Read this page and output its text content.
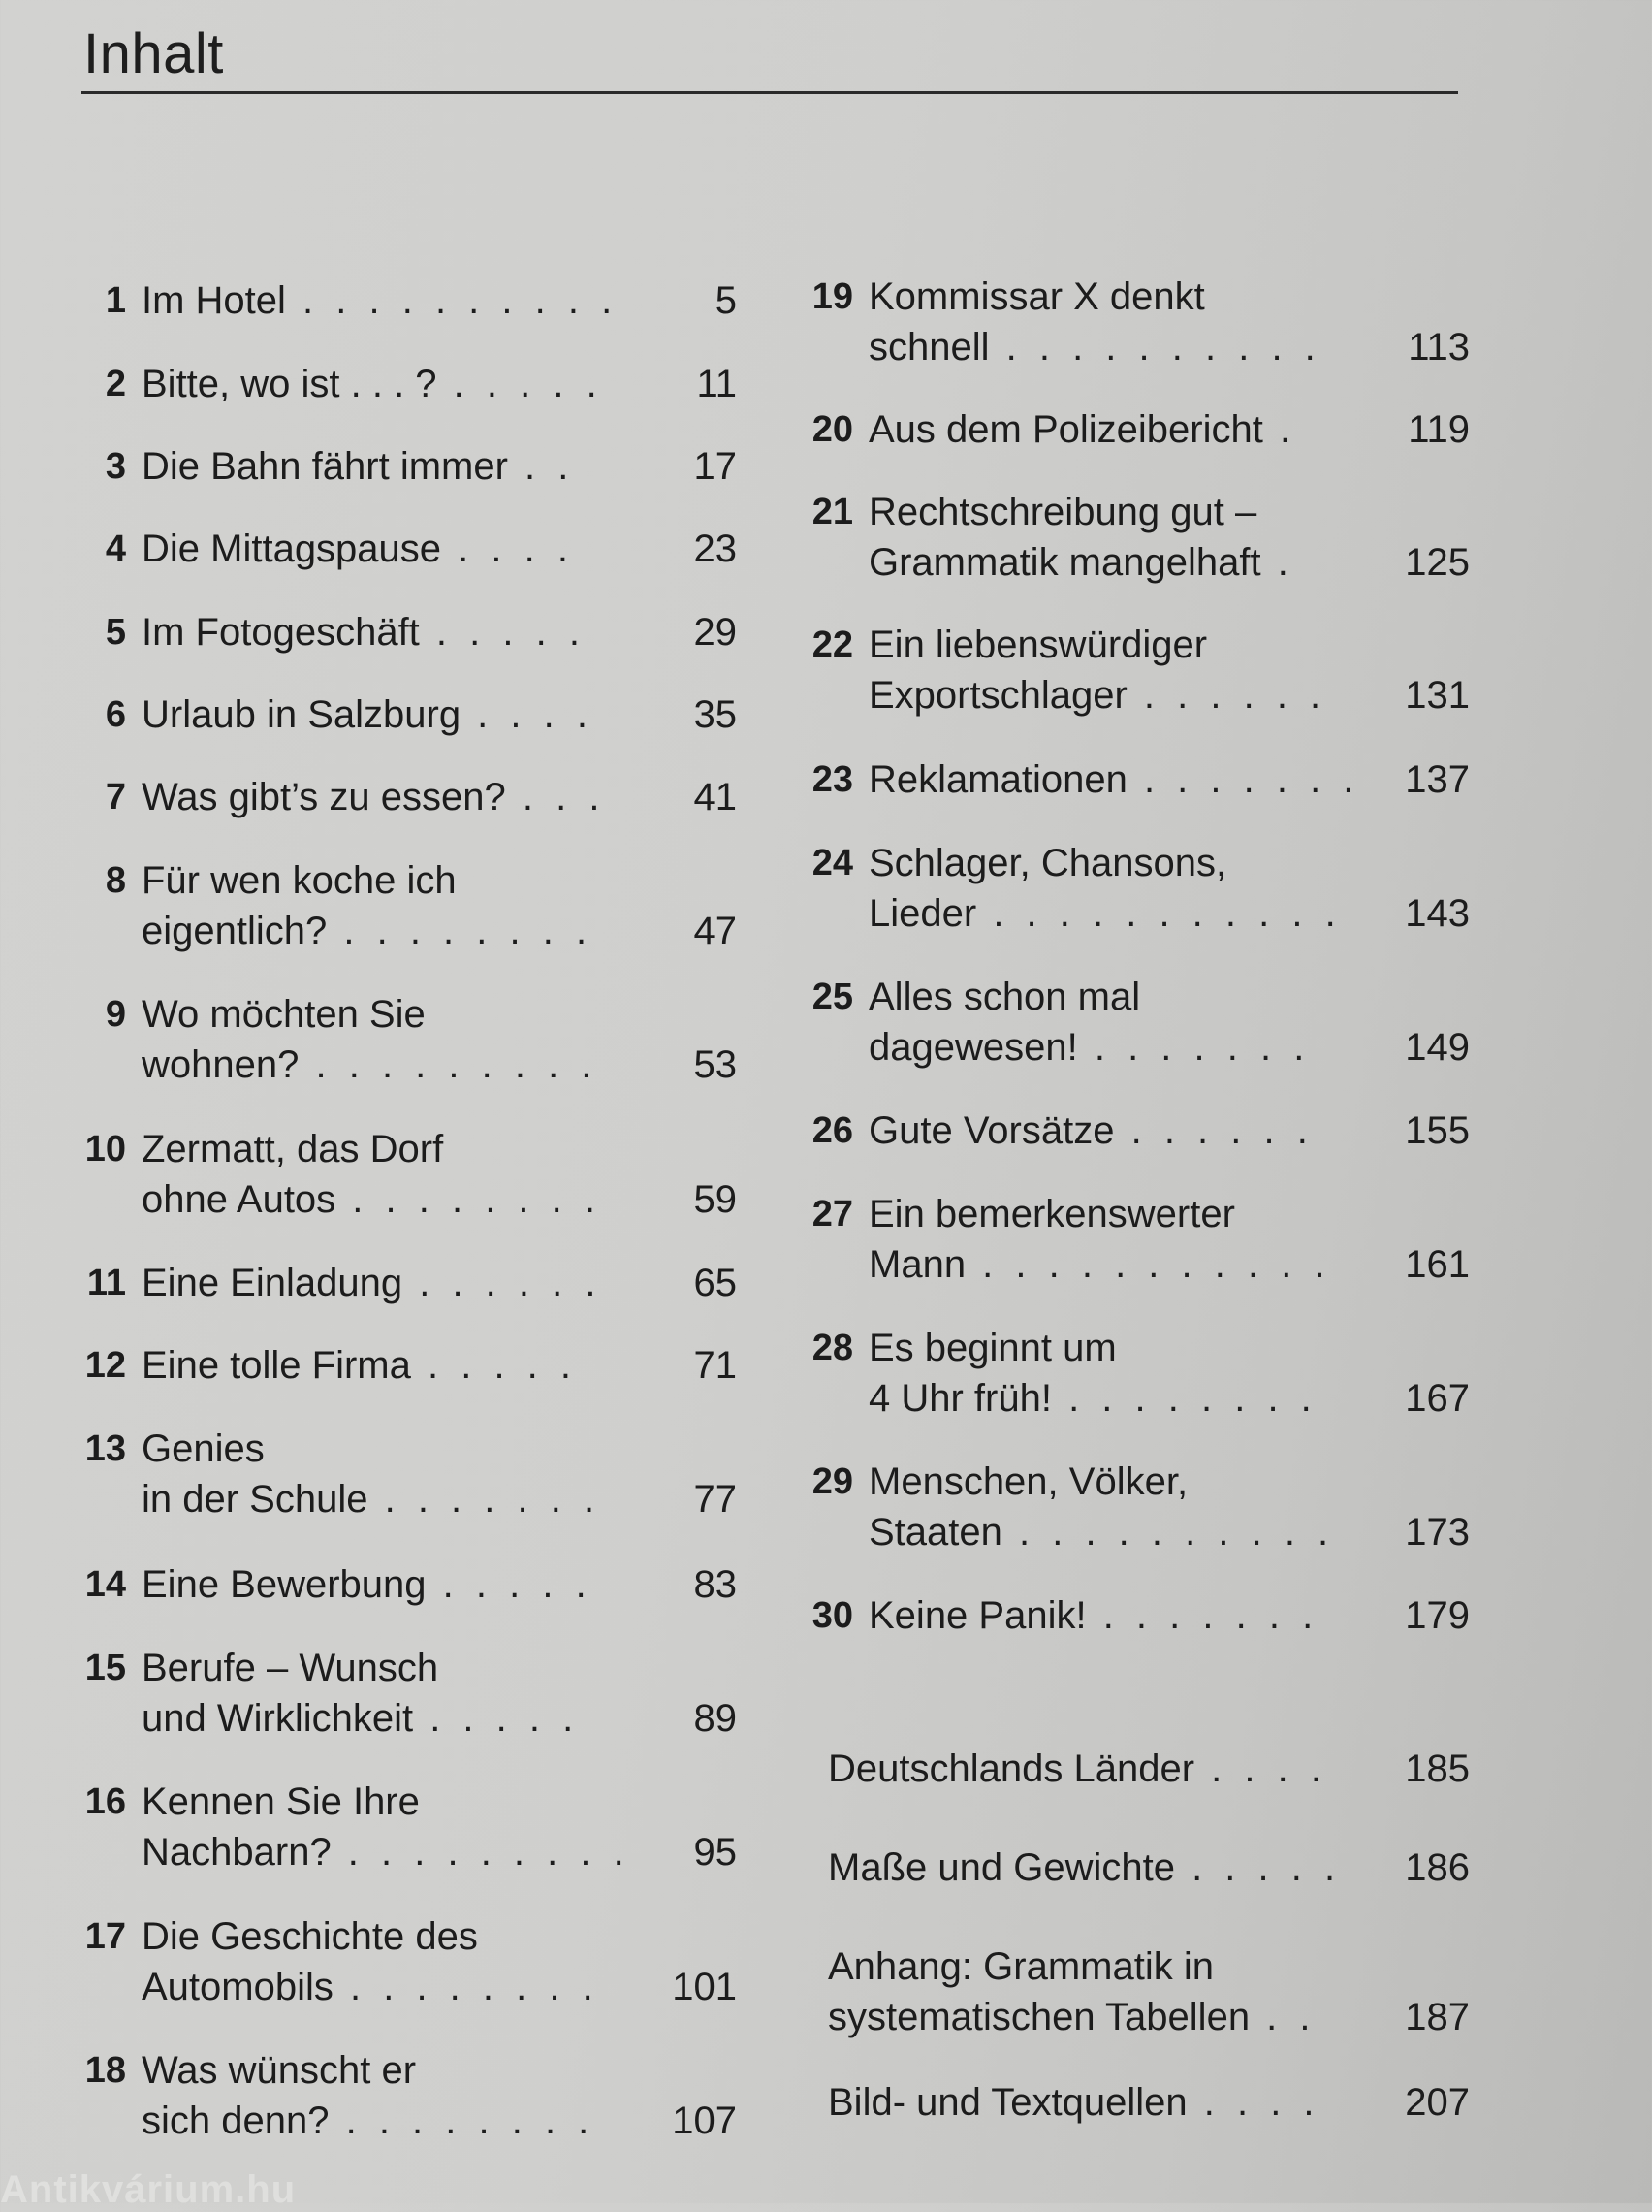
Inhalt
1 Im Hotel . . . . . . . . . .	5
2 Bitte, wo ist . . . ? . . . . . 11
3 Die Bahn fährt immer . .	17
4 Die Mittagspause . . . .	23
5 Im Fotogeschäft . . . . .	29
6 Urlaub in Salzburg . . . .	35
7 Was gibt’s zu essen? . . . 41
8 Für wen koche ich
eigentlich? . . . . . . . .	47
9 Wo möchten Sie
wohnen? . . . . . . . . . 53
10 Zermatt, das Dorf
ohne Autos . . . . . . . . 59
11 Eine Einladung . . . . . . 65
12 Eine tolle Firma . . . . .	71
13 Genies
in der Schule . . . . . . . 77
14 Eine Bewerbung . . . . .	83
15 Berufe – Wunsch
und Wirklichkeit . . . . .	89
16 Kennen Sie Ihre
Nachbarn? . . . . . . . . . 95
17 Die Geschichte des
Automobils . . . . . . . . 101
18 Was wünscht er
sich denn? . . . . . . . . 107
19 Kommissar X denkt
schnell . . . . . . . . . . 113
20 Aus dem Polizeibericht .	119
21 Rechtschreibung gut –
Grammatik mangelhaft .	125
22 Ein liebenswürdiger
Exportschlager . . . . . . 131
23 Reklamationen . . . . . . . 137
24 Schlager, Chansons,
Lieder . . . . . . . . . . . 143
25 Alles schon mal
dagewesen! . . . . . . . 149
26 Gute Vorsätze . . . . . . 155
27 Ein bemerkenswerter
Mann . . . . . . . . . . . 161
28 Es beginnt um
4 Uhr früh! . . . . . . . . 167
29 Menschen, Völker,
Staaten . . . . . . . . . . 173
30 Keine Panik! . . . . . . . 179
Deutschlands Länder . . . . 185
Maße und Gewichte . . . . . 186
Anhang: Grammatik in
systematischen Tabellen . . 187
Bild- und Textquellen . . . . 207
Antikvárium.hu
